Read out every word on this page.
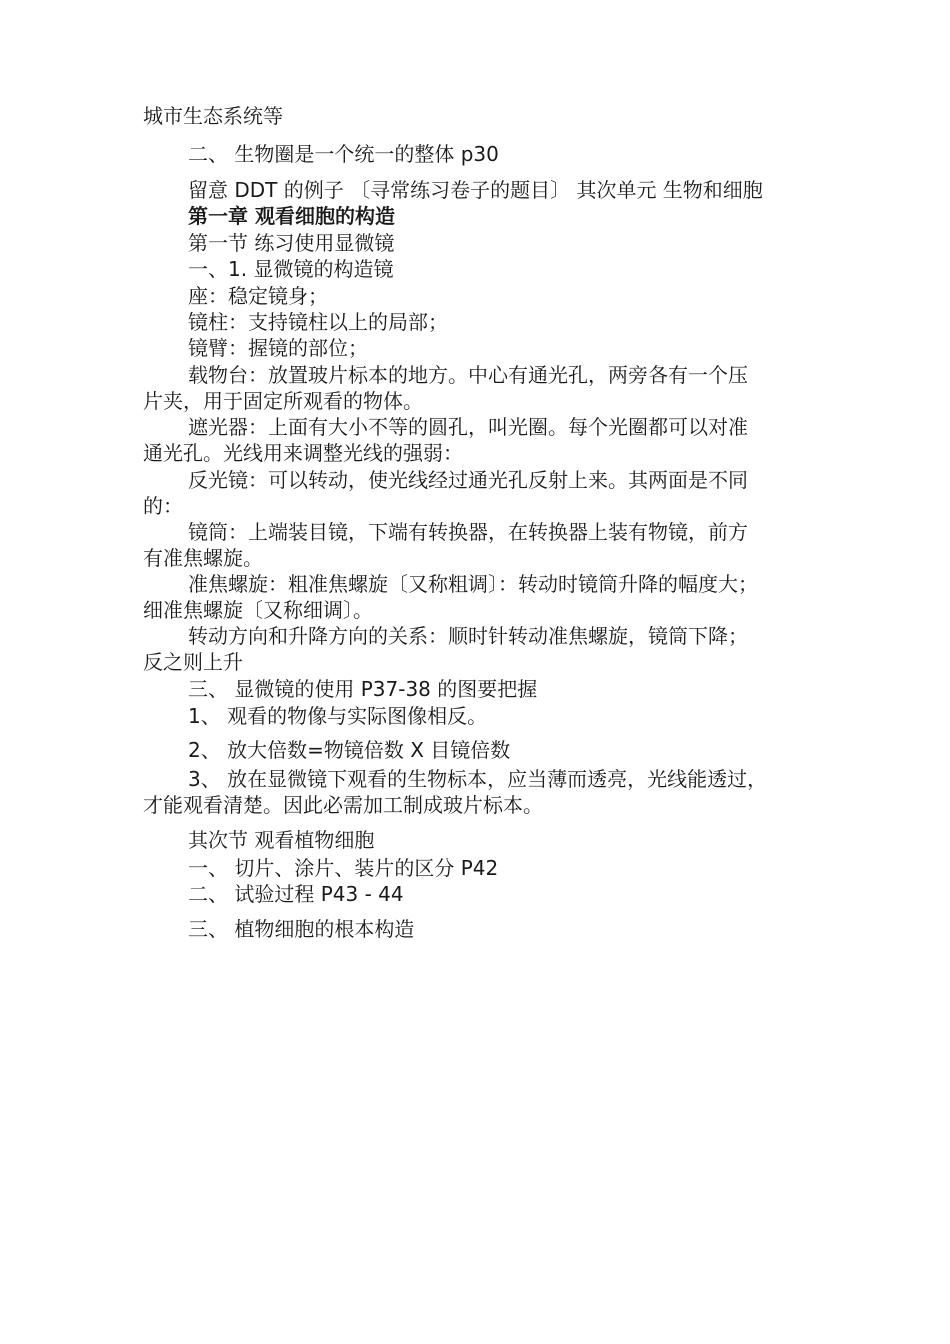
城市生态系统等
二、 生物圈是一个统一的整体 p30
留意 DDT 的例子 〔寻常练习卷子的题目〕 其次单元 生物和细胞
第一章 观看细胞的构造
第一节 练习使用显微镜
一、1. 显微镜的构造镜
座：稳定镜身；
镜柱：支持镜柱以上的局部；
镜臂：握镜的部位；
载物台：放置玻片标本的地方。中心有通光孔，两旁各有一个压
片夹，用于固定所观看的物体。
遮光器：上面有大小不等的圆孔，叫光圈。每个光圈都可以对准
通光孔。光线用来调整光线的强弱：
反光镜：可以转动，使光线经过通光孔反射上来。其两面是不同
的：
镜筒：上端装目镜，下端有转换器，在转换器上装有物镜，前方
有准焦螺旋。
准焦螺旋：粗准焦螺旋〔又称粗调〕：转动时镜筒升降的幅度大；
细准焦螺旋〔又称细调〕。
转动方向和升降方向的关系：顺时针转动准焦螺旋，镜筒下降；
反之则上升
三、 显微镜的使用 P37-38 的图要把握
1、 观看的物像与实际图像相反。
2、 放大倍数=物镜倍数 X 目镜倍数
3、 放在显微镜下观看的生物标本，应当薄而透亮，光线能透过，
才能观看清楚。因此必需加工制成玻片标本。
其次节 观看植物细胞
一、 切片、涂片、装片的区分 P42
二、 试验过程 P43 - 44
三、 植物细胞的根本构造
